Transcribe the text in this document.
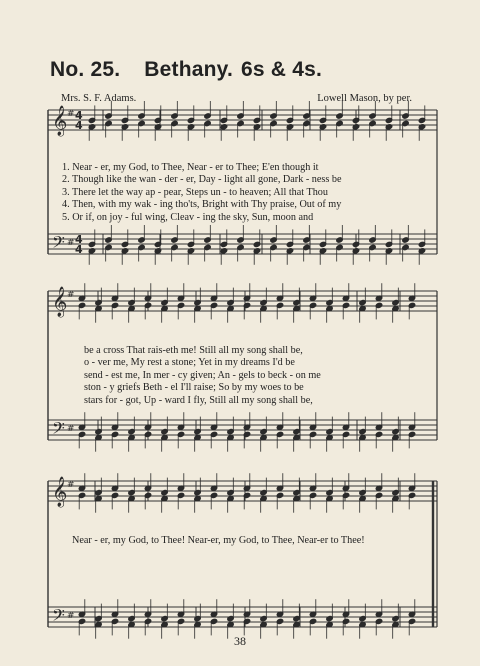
No. 25. Bethany. 6s & 4s.
Mrs. S. F. Adams.	Lowell Mason, by per.
𝄞
𝄢
#
#
4
4
4
4
𝄞
𝄢
#
#
𝄞
𝄢
#
#
1. Near - er, my God, to Thee, Near - er to Thee; E'en though it
2. Though like the wan - der - er, Day - light all gone, Dark - ness be
3. There let the way ap - pear, Steps un - to heaven; All that Thou
4. Then, with my wak - ing tho'ts, Bright with Thy praise, Out of my
5. Or if, on joy - ful wing, Cleav - ing the sky, Sun, moon and
be a cross That rais-eth me! Still all my song shall be,
o - ver me, My rest a stone; Yet in my dreams I'd be
send - est me, In mer - cy given; An - gels to beck - on me
ston - y griefs Beth - el I'll raise; So by my woes to be
stars for - got, Up - ward I fly, Still all my song shall be,
Near - er, my God, to Thee! Near-er, my God, to Thee, Near-er to Thee!
38
